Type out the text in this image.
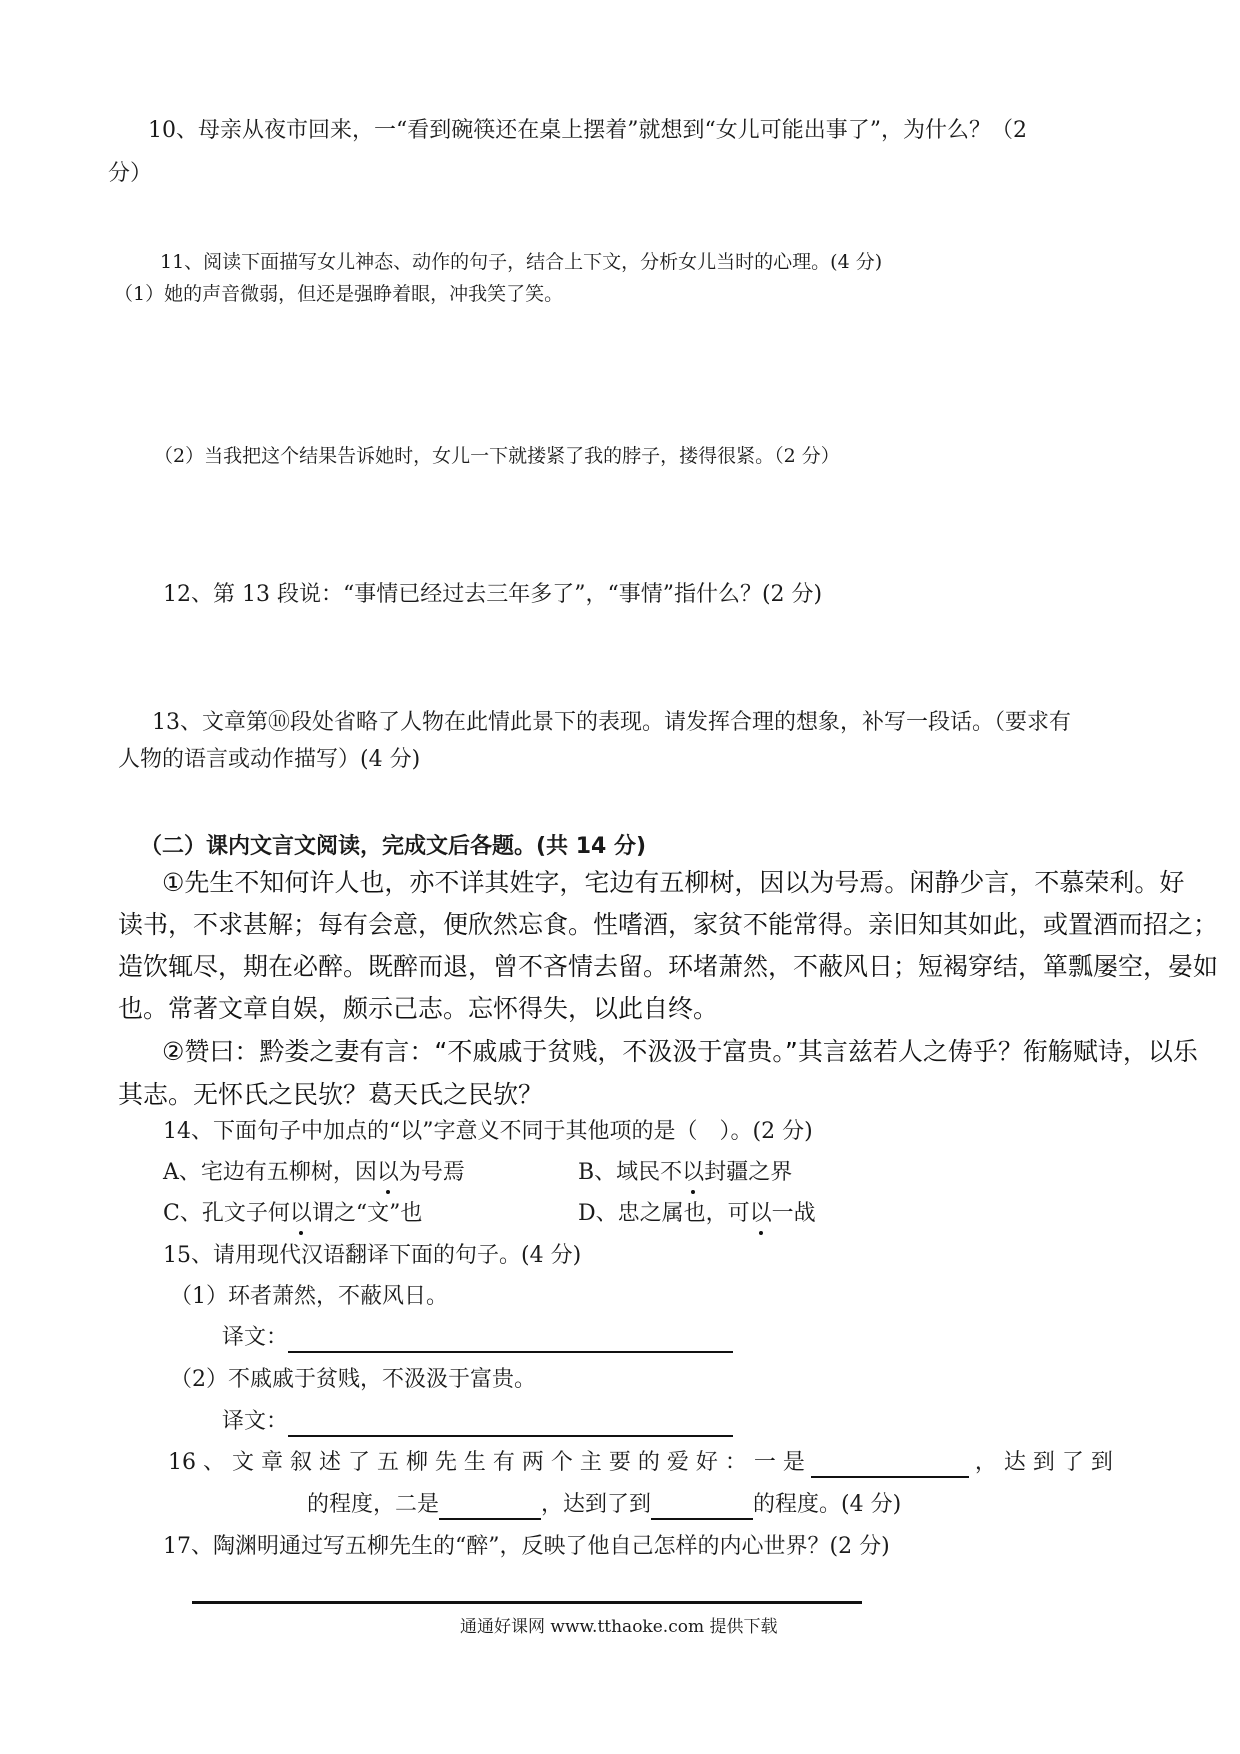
10、母亲从夜市回来，一“看到碗筷还在桌上摆着”就想到“女儿可能出事了”，为什么？（2
分）
11、阅读下面描写女儿神态、动作的句子，结合上下文，分析女儿当时的心理。(4 分)
（1）她的声音微弱，但还是强睁着眼，冲我笑了笑。
（2）当我把这个结果告诉她时，女儿一下就搂紧了我的脖子，搂得很紧。（2 分）
12、第 13 段说：“事情已经过去三年多了”，“事情”指什么？(2 分)
13、文章第⑩段处省略了人物在此情此景下的表现。请发挥合理的想象，补写一段话。（要求有
人物的语言或动作描写）(4 分)
（二）课内文言文阅读，完成文后各题。(共 14 分)
①先生不知何许人也，亦不详其姓字，宅边有五柳树，因以为号焉。闲静少言，不慕荣利。好
读书，不求甚解；每有会意，便欣然忘食。性嗜酒，家贫不能常得。亲旧知其如此，或置酒而招之；
造饮辄尽，期在必醉。既醉而退，曾不吝情去留。环堵萧然，不蔽风日；短褐穿结，箪瓢屡空，晏如
也。常著文章自娱，颇示己志。忘怀得失，以此自终。
②赞曰：黔娄之妻有言：“不戚戚于贫贱，不汲汲于富贵。”其言兹若人之俦乎？衔觞赋诗，以乐
其志。无怀氏之民欤？葛天氏之民欤？
14、下面句子中加点的“以”字意义不同于其他项的是（　）。(2 分)
A、宅边有五柳树，因以为号焉	B、域民不以封疆之界
C、孔文子何以谓之“文”也	D、忠之属也，可以一战
15、请用现代汉语翻译下面的句子。(4 分)
（1）环者萧然，不蔽风日。
译文：
（2）不戚戚于贫贱，不汲汲于富贵。
译文：
16 、 文 章 叙 述 了 五 柳 先 生 有 两 个 主 要 的 爱 好 ： 一 是	， 达 到 了 到
的程度，二是	，达到了到	的程度。(4 分)
17、陶渊明通过写五柳先生的“醉”，反映了他自己怎样的内心世界？(2 分)
通通好课网 www.tthaoke.com 提供下载
